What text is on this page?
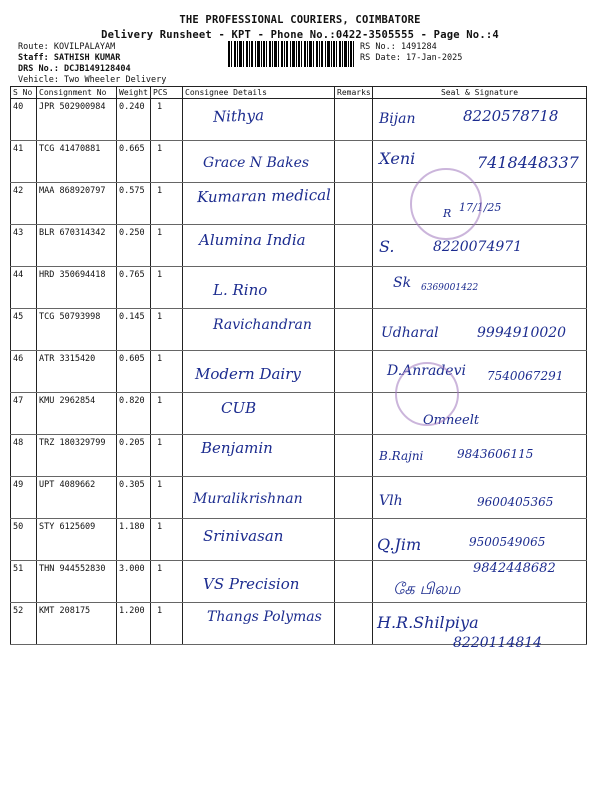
THE PROFESSIONAL COURIERS, COIMBATORE
Delivery Runsheet - KPT - Phone No.:0422-3505555 - Page No.:4
Route: KOVILPALAYAM
Staff: SATHISH KUMAR
DRS No.: DCJB149128404
Vehicle: Two Wheeler Delivery
RS No.: 1491284
RS Date: 17-Jan-2025
S No	Consignment No	Weight	PCS	Consignee Details	Remarks	Seal & Signature
40	JPR 502900984	0.240	1	Nithya		Bijan 8220578718

41	TCG 41470881	0.665	1	Grace N Bakes		Xeni 7418448337

42	MAA 868920797	0.575	1	Kumaran medical		R 17/1/25

43	BLR 670314342	0.250	1	Alumina India		S. 8220074971

44	HRD 350694418	0.765	1	L. Rino		Sk 6369001422

45	TCG 50793998	0.145	1	Ravichandran		Udharal 9994910020

46	ATR 3315420	0.605	1	Modern Dairy		D.Anradevi 7540067291

47	KMU 2962854	0.820	1	CUB		Omneelt

48	TRZ 180329799	0.205	1	Benjamin		B.Rajni 9843606115

49	UPT 4089662	0.305	1	Muralikrishnan		Vlh 9600405365

50	STY 6125609	1.180	1	Srinivasan		Q.Jim 9500549065

51	THN 944552830	3.000	1	VS Precision		கே பிலம
9842448682

52	KMT 208175	1.200	1	Thangs Polymas		H.R.Shilpiya
8220114814
